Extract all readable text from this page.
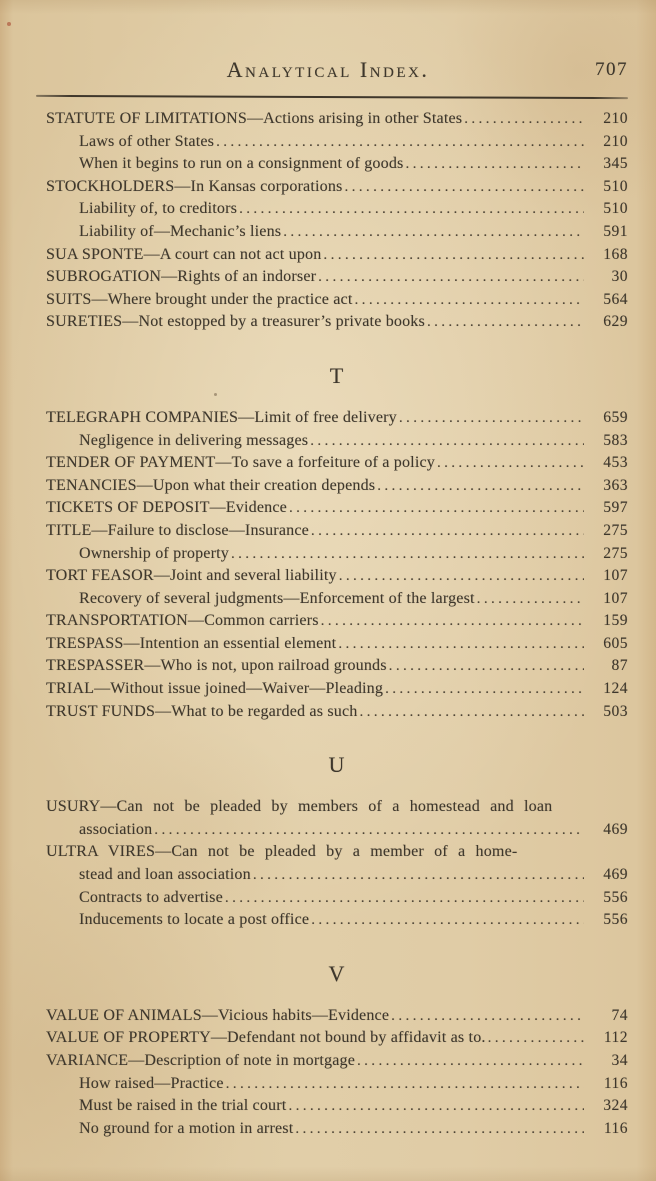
Analytical Index.	707
STATUTE OF LIMITATIONS—Actions arising in other States .....	210
Laws of other States .....	210
When it begins to run on a consignment of goods .....	345
STOCKHOLDERS—In Kansas corporations .....	510
Liability of, to creditors .....	510
Liability of—Mechanic’s liens .....	591
SUA SPONTE—A court can not act upon .....	168
SUBROGATION—Rights of an indorser .....	30
SUITS—Where brought under the practice act .....	564
SURETIES—Not estopped by a treasurer’s private books .....	629
T
TELEGRAPH COMPANIES—Limit of free delivery .....	659
Negligence in delivering messages .....	583
TENDER OF PAYMENT—To save a forfeiture of a policy .....	453
TENANCIES—Upon what their creation depends .....	363
TICKETS OF DEPOSIT—Evidence .....	597
TITLE—Failure to disclose—Insurance .....	275
Ownership of property .....	275
TORT FEASOR—Joint and several liability .....	107
Recovery of several judgments—Enforcement of the largest .....	107
TRANSPORTATION—Common carriers .....	159
TRESPASS—Intention an essential element .....	605
TRESPASSER—Who is not, upon railroad grounds .....	87
TRIAL—Without issue joined—Waiver—Pleading .....	124
TRUST FUNDS—What to be regarded as such .....	503
U
USURY—Can not be pleaded by members of a homestead and loan
association .....	469
ULTRA VIRES—Can not be pleaded by a member of a home-
stead and loan association .....	469
Contracts to advertise .....	556
Inducements to locate a post office .....	556
V
VALUE OF ANIMALS—Vicious habits—Evidence .....	74
VALUE OF PROPERTY—Defendant not bound by affidavit as to. .....	112
VARIANCE—Description of note in mortgage .....	34
How raised—Practice .....	116
Must be raised in the trial court .....	324
No ground for a motion in arrest .....	116
